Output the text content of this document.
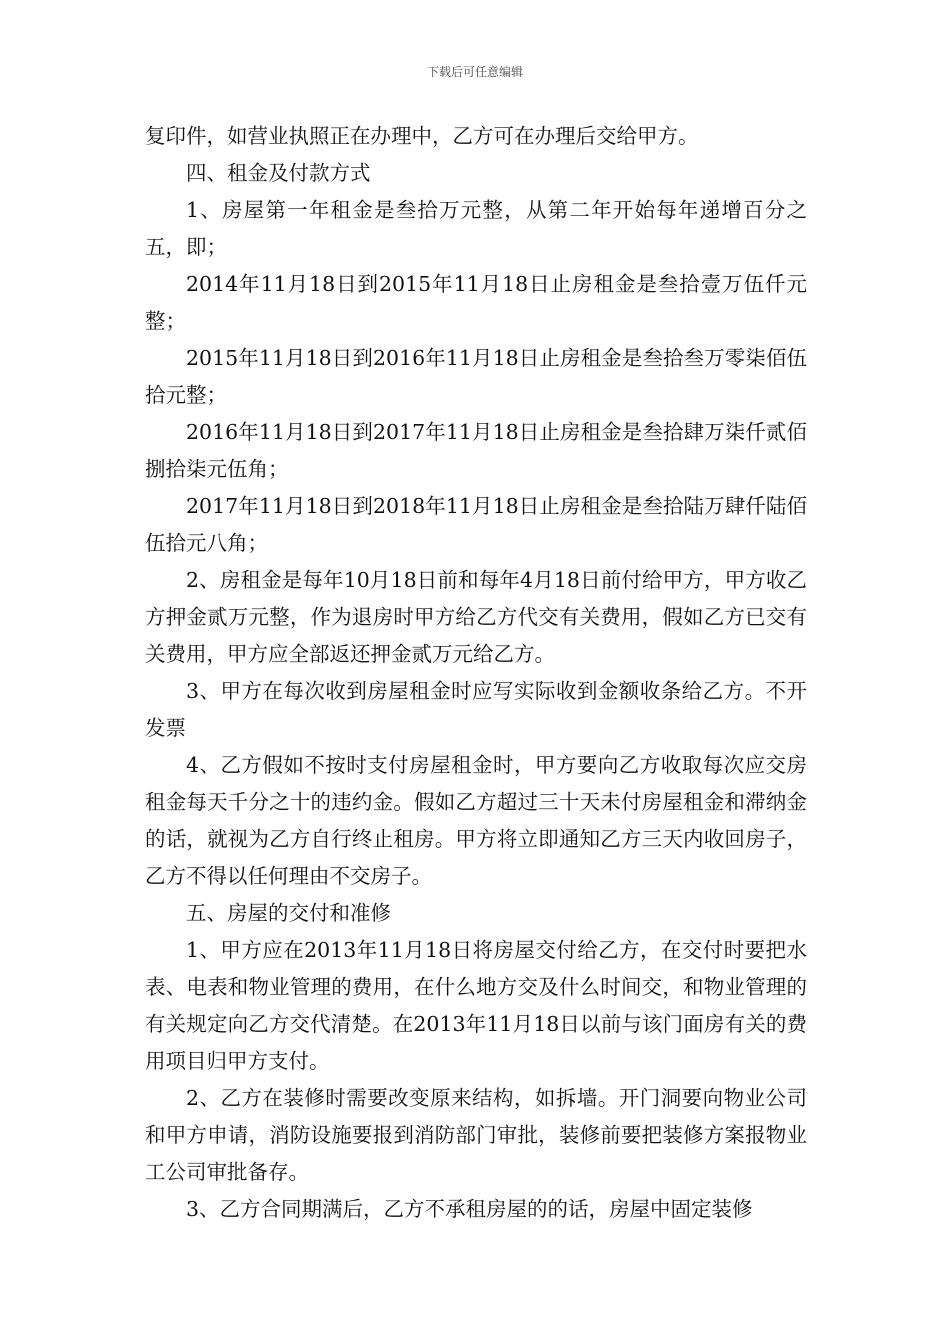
下载后可任意编辑

复印件，如营业执照正在办理中，乙方可在办理后交给甲方。

四、租金及付款方式

1、房屋第一年租金是叁拾万元整，从第二年开始每年递增百分之五，即；

2014年11月18日到2015年11月18日止房租金是叁拾壹万伍仟元整；

2015年11月18日到2016年11月18日止房租金是叁拾叁万零柒佰伍拾元整；

2016年11月18日到2017年11月18日止房租金是叁拾肆万柒仟贰佰捌拾柒元伍角；

2017年11月18日到2018年11月18日止房租金是叁拾陆万肆仟陆佰伍拾元八角；

2、房租金是每年10月18日前和每年4月18日前付给甲方，甲方收乙方押金贰万元整，作为退房时甲方给乙方代交有关费用，假如乙方已交有关费用，甲方应全部返还押金贰万元给乙方。

3、甲方在每次收到房屋租金时应写实际收到金额收条给乙方。不开发票

4、乙方假如不按时支付房屋租金时，甲方要向乙方收取每次应交房租金每天千分之十的违约金。假如乙方超过三十天未付房屋租金和滞纳金的话，就视为乙方自行终止租房。甲方将立即通知乙方三天内收回房子，乙方不得以任何理由不交房子。

五、房屋的交付和准修

1、甲方应在2013年11月18日将房屋交付给乙方，在交付时要把水表、电表和物业管理的费用，在什么地方交及什么时间交，和物业管理的有关规定向乙方交代清楚。在2013年11月18日以前与该门面房有关的费用项目归甲方支付。

2、乙方在装修时需要改变原来结构，如拆墙。开门洞要向物业公司和甲方申请，消防设施要报到消防部门审批，装修前要把装修方案报物业工公司审批备存。

3、乙方合同期满后，乙方不承租房屋的的话，房屋中固定装修
